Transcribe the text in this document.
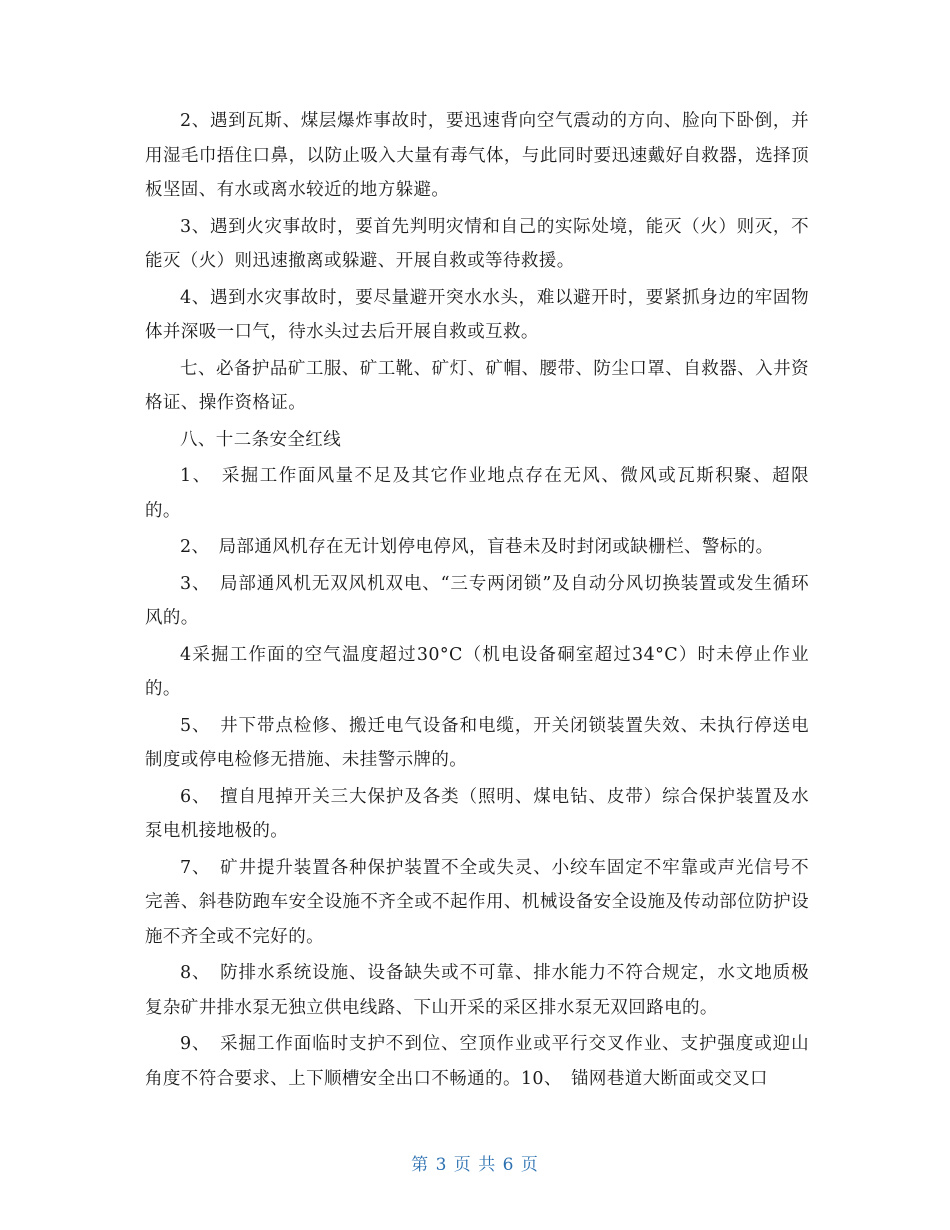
2、遇到瓦斯、煤层爆炸事故时，要迅速背向空气震动的方向、脸向下卧倒，并用湿毛巾捂住口鼻，以防止吸入大量有毒气体，与此同时要迅速戴好自救器，选择顶板坚固、有水或离水较近的地方躲避。

3、遇到火灾事故时，要首先判明灾情和自己的实际处境，能灭（火）则灭，不能灭（火）则迅速撤离或躲避、开展自救或等待救援。

4、遇到水灾事故时，要尽量避开突水水头，难以避开时，要紧抓身边的牢固物体并深吸一口气，待水头过去后开展自救或互救。

七、必备护品矿工服、矿工靴、矿灯、矿帽、腰带、防尘口罩、自救器、入井资格证、操作资格证。

八、十二条安全红线

1、　采掘工作面风量不足及其它作业地点存在无风、微风或瓦斯积聚、超限的。

2、　局部通风机存在无计划停电停风，盲巷未及时封闭或缺栅栏、警标的。

3、　局部通风机无双风机双电、“三专两闭锁”及自动分风切换装置或发生循环风的。

4采掘工作面的空气温度超过30°C（机电设备硐室超过34°C）时未停止作业的。

5、　井下带点检修、搬迁电气设备和电缆，开关闭锁装置失效、未执行停送电制度或停电检修无措施、未挂警示牌的。

6、　擅自甩掉开关三大保护及各类（照明、煤电钻、皮带）综合保护装置及水泵电机接地极的。

7、　矿井提升装置各种保护装置不全或失灵、小绞车固定不牢靠或声光信号不完善、斜巷防跑车安全设施不齐全或不起作用、机械设备安全设施及传动部位防护设施不齐全或不完好的。

8、　防排水系统设施、设备缺失或不可靠、排水能力不符合规定，水文地质极复杂矿井排水泵无独立供电线路、下山开采的采区排水泵无双回路电的。

9、　采掘工作面临时支护不到位、空顶作业或平行交叉作业、支护强度或迎山角度不符合要求、上下顺槽安全出口不畅通的。10、　锚网巷道大断面或交叉口

第 3 页 共 6 页
